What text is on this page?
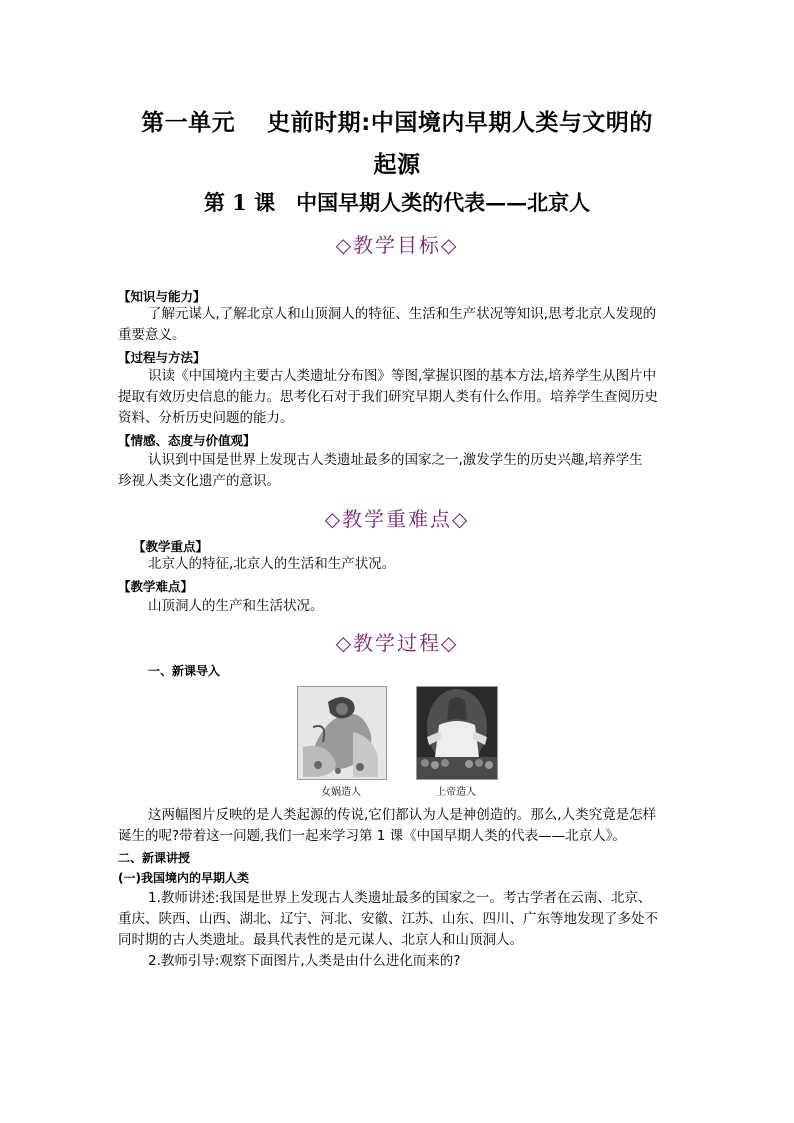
第一单元　 史前时期:中国境内早期人类与文明的
起源
第 1 课　中国早期人类的代表——北京人
◇教学目标◇
【知识与能力】
了解元谋人,了解北京人和山顶洞人的特征、生活和生产状况等知识,思考北京人发现的
重要意义。
【过程与方法】
识读《中国境内主要古人类遗址分布图》等图,掌握识图的基本方法,培养学生从图片中
提取有效历史信息的能力。思考化石对于我们研究早期人类有什么作用。培养学生查阅历史
资料、分析历史问题的能力。
【情感、态度与价值观】
认识到中国是世界上发现古人类遗址最多的国家之一,激发学生的历史兴趣,培养学生
珍视人类文化遗产的意识。
◇教学重难点◇
【教学重点】
北京人的特征,北京人的生活和生产状况。
【教学难点】
山顶洞人的生产和生活状况。
◇教学过程◇
一、新课导入
女娲造人	上帝造人
这两幅图片反映的是人类起源的传说,它们都认为人是神创造的。那么,人类究竟是怎样
诞生的呢?带着这一问题,我们一起来学习第 1 课《中国早期人类的代表——北京人》。
二、新课讲授
(一)我国境内的早期人类
1.教师讲述:我国是世界上发现古人类遗址最多的国家之一。考古学者在云南、北京、
重庆、陕西、山西、湖北、辽宁、河北、安徽、江苏、山东、四川、广东等地发现了多处不
同时期的古人类遗址。最具代表性的是元谋人、北京人和山顶洞人。
2.教师引导:观察下面图片,人类是由什么进化而来的?
